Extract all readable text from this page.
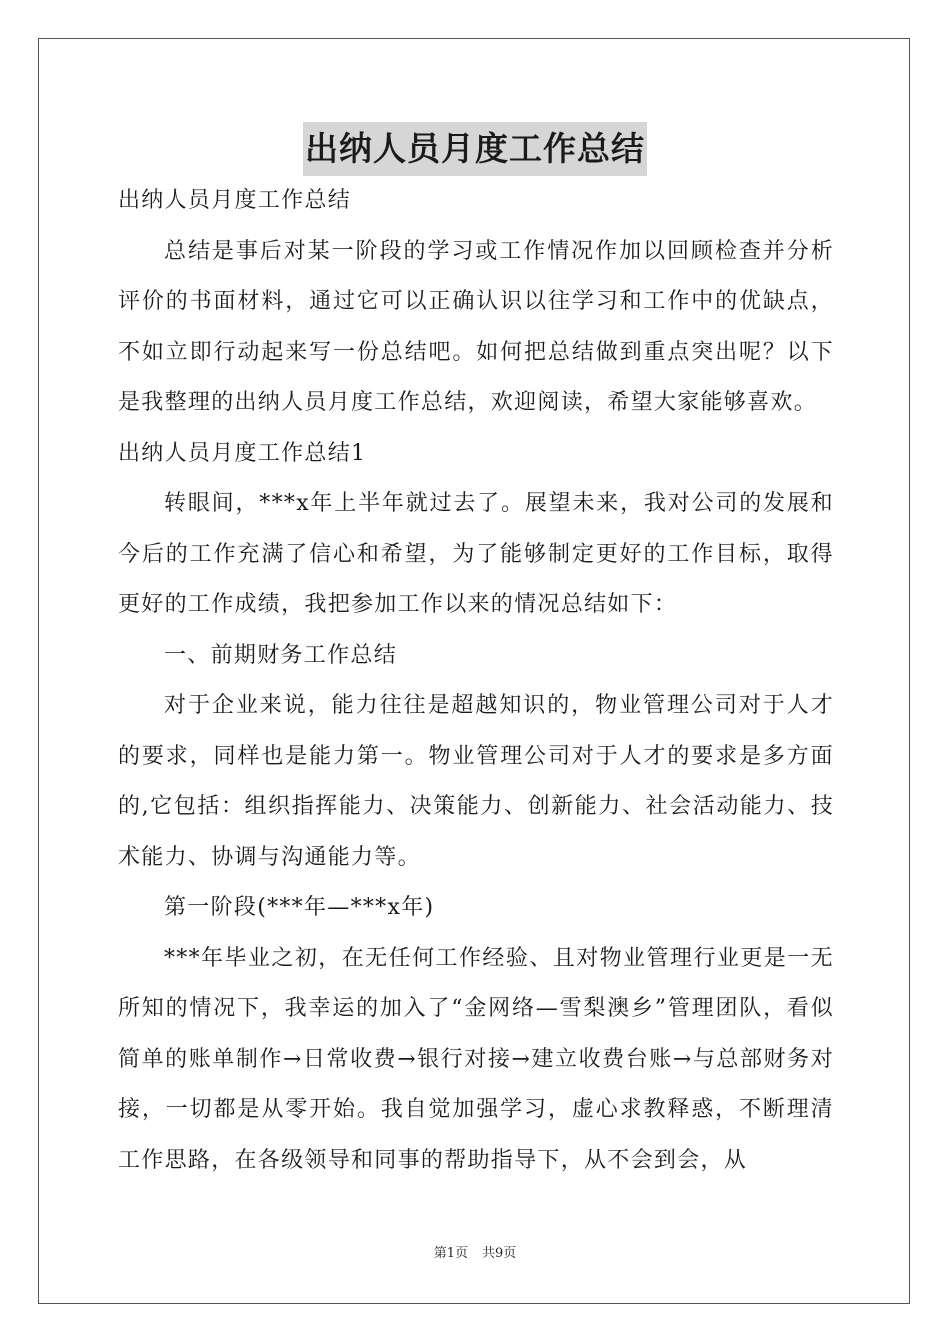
出纳人员月度工作总结

出纳人员月度工作总结

总结是事后对某一阶段的学习或工作情况作加以回顾检查并分析评价的书面材料，通过它可以正确认识以往学习和工作中的优缺点，不如立即行动起来写一份总结吧。如何把总结做到重点突出呢？以下是我整理的出纳人员月度工作总结，欢迎阅读，希望大家能够喜欢。

出纳人员月度工作总结1

转眼间，***x年上半年就过去了。展望未来，我对公司的发展和今后的工作充满了信心和希望，为了能够制定更好的工作目标，取得更好的工作成绩，我把参加工作以来的情况总结如下：

一、前期财务工作总结

对于企业来说，能力往往是超越知识的，物业管理公司对于人才的要求，同样也是能力第一。物业管理公司对于人才的要求是多方面的,它包括：组织指挥能力、决策能力、创新能力、社会活动能力、技术能力、协调与沟通能力等。

第一阶段(***年—***x年)

***年毕业之初，在无任何工作经验、且对物业管理行业更是一无所知的情况下，我幸运的加入了“金网络—雪梨澳乡”管理团队，看似简单的账单制作→日常收费→银行对接→建立收费台账→与总部财务对接，一切都是从零开始。我自觉加强学习，虚心求教释惑，不断理清工作思路，在各级领导和同事的帮助指导下，从不会到会，从

第1页 共9页
